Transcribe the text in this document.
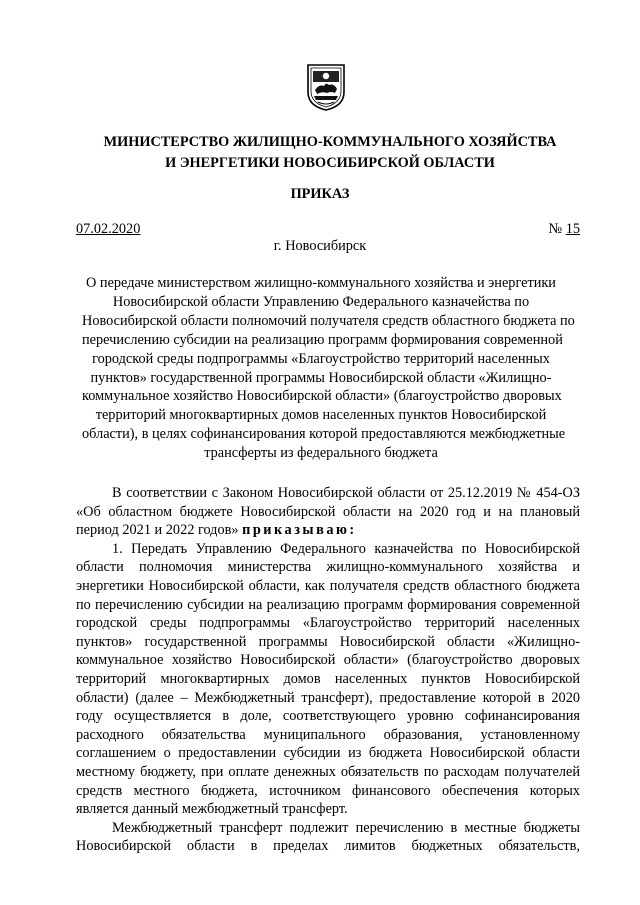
МИНИСТЕРСТВО ЖИЛИЩНО-КОММУНАЛЬНОГО ХОЗЯЙСТВА
И ЭНЕРГЕТИКИ НОВОСИБИРСКОЙ ОБЛАСТИ
ПРИКАЗ
07.02.2020	№ 15
г. Новосибирск
О передаче министерством жилищно-коммунального хозяйства и энергетики
Новосибирской области Управлению Федерального казначейства по
Новосибирской области полномочий получателя средств областного бюджета по
перечислению субсидии на реализацию программ формирования современной
городской среды подпрограммы «Благоустройство территорий населенных
пунктов» государственной программы Новосибирской области «Жилищно-
коммунальное хозяйство Новосибирской области» (благоустройство дворовых
территорий многоквартирных домов населенных пунктов Новосибирской
области), в целях софинансирования которой предоставляются межбюджетные
трансферты из федерального бюджета
В соответствии с Законом Новосибирской области от 25.12.2019 № 454-ОЗ
«Об областном бюджете Новосибирской области на 2020 год и на плановый
период 2021 и 2022 годов» приказываю:
1. Передать Управлению Федерального казначейства по Новосибирской
области полномочия министерства жилищно-коммунального хозяйства и
энергетики Новосибирской области, как получателя средств областного бюджета
по перечислению субсидии на реализацию программ формирования современной
городской среды подпрограммы «Благоустройство территорий населенных
пунктов» государственной программы Новосибирской области «Жилищно-
коммунальное хозяйство Новосибирской области» (благоустройство дворовых
территорий многоквартирных домов населенных пунктов Новосибирской
области) (далее – Межбюджетный трансферт), предоставление которой в 2020
году осуществляется в доле, соответствующего уровню софинансирования
расходного обязательства муниципального образования, установленному
соглашением о предоставлении субсидии из бюджета Новосибирской области
местному бюджету, при оплате денежных обязательств по расходам получателей
средств местного бюджета, источником финансового обеспечения которых
является данный межбюджетный трансферт.
Межбюджетный трансферт подлежит перечислению в местные бюджеты
Новосибирской области в пределах лимитов бюджетных обязательств,
